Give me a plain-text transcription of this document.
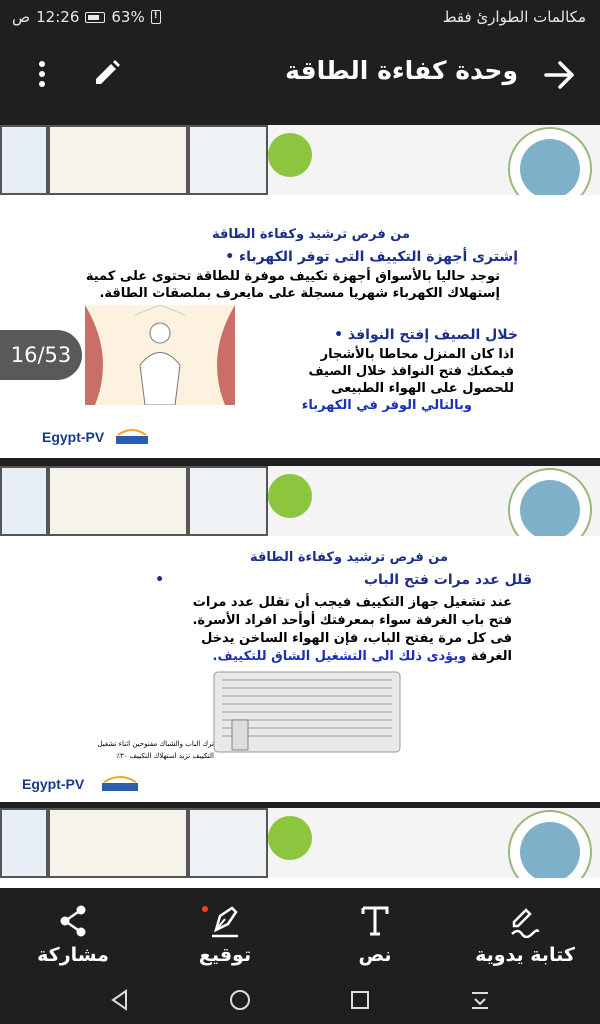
ص 12:26 63% !	مكالمات الطوارئ فقط
وحدة كفاءة الطاقة
من فرص ترشيد وكفاءة الطاقة
إشترى أجهزة التكييف التى توفر الكهرباء •
توجد حاليا بالأسواق أجهزة تكييف موفرة للطاقة تحتوى على كمية إستهلاك الكهرباء شهريا مسجلة على مايعرف بملصقات الطاقة.
خلال الصيف إفتح النوافذ •
اذا كان المنزل محاطا بالأشجار
فيمكنك فتح النوافذ خلال الصيف
للحصول على الهواء الطبيعى
وبالتالي الوفر في الكهرباء
Egypt-PV
16/53
من فرص ترشيد وكفاءة الطاقة
قلل عدد مرات فتح الباب                                         •
عند تشغيل جهاز التكييف فيجب أن تقلل عدد مرات
فتح باب الغرفة سواء بمعرفتك أوأحد افراد الأسرة.
فى كل مرة يفتح الباب، فإن الهواء الساخن يدخل
الغرفة ويؤدى ذلك الى التشغيل الشاق للتكييف.
ترك الباب والشباك مفتوحين اثناء تشغيل
التكييف تزيد استهلاك التكييف ٣٠٪
Egypt-PV
مشاركة	توقيع	نص	كتابة يدوية
